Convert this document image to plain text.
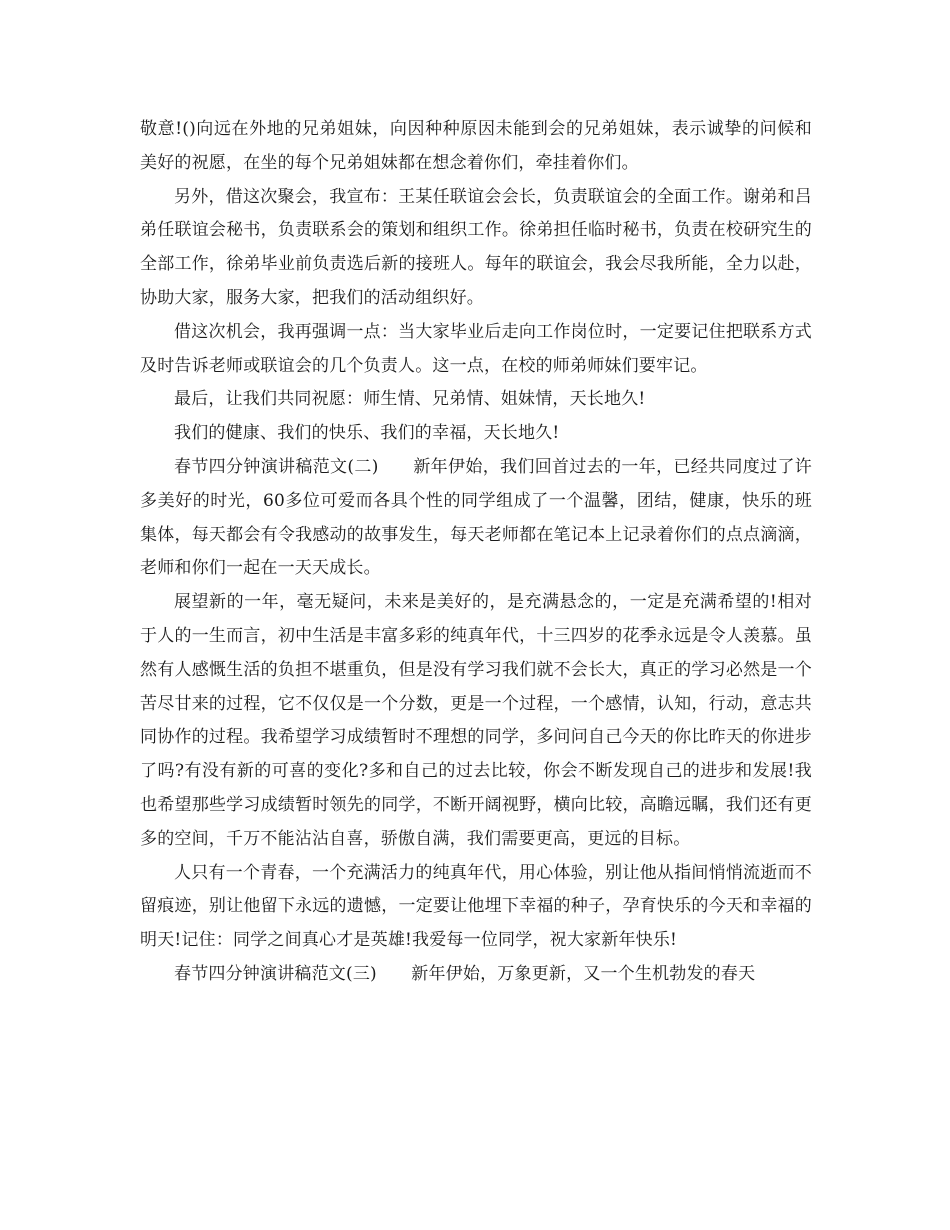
敬意!()向远在外地的兄弟姐妹，向因种种原因未能到会的兄弟姐妹，表示诚挚的问候和美好的祝愿，在坐的每个兄弟姐妹都在想念着你们，牵挂着你们。

另外，借这次聚会，我宣布：王某任联谊会会长，负责联谊会的全面工作。谢弟和吕弟任联谊会秘书，负责联系会的策划和组织工作。徐弟担任临时秘书，负责在校研究生的全部工作，徐弟毕业前负责选后新的接班人。每年的联谊会，我会尽我所能，全力以赴，协助大家，服务大家，把我们的活动组织好。

借这次机会，我再强调一点：当大家毕业后走向工作岗位时，一定要记住把联系方式及时告诉老师或联谊会的几个负责人。这一点，在校的师弟师妹们要牢记。

最后，让我们共同祝愿：师生情、兄弟情、姐妹情，天长地久!

我们的健康、我们的快乐、我们的幸福，天长地久!

春节四分钟演讲稿范文(二)　　新年伊始，我们回首过去的一年，已经共同度过了许多美好的时光，60多位可爱而各具个性的同学组成了一个温馨，团结，健康，快乐的班集体，每天都会有令我感动的故事发生，每天老师都在笔记本上记录着你们的点点滴滴，老师和你们一起在一天天成长。

展望新的一年，毫无疑问，未来是美好的，是充满悬念的，一定是充满希望的!相对于人的一生而言，初中生活是丰富多彩的纯真年代，十三四岁的花季永远是令人羡慕。虽然有人感慨生活的负担不堪重负，但是没有学习我们就不会长大，真正的学习必然是一个苦尽甘来的过程，它不仅仅是一个分数，更是一个过程，一个感情，认知，行动，意志共同协作的过程。我希望学习成绩暂时不理想的同学，多问问自己今天的你比昨天的你进步了吗?有没有新的可喜的变化?多和自己的过去比较，你会不断发现自己的进步和发展!我也希望那些学习成绩暂时领先的同学，不断开阔视野，横向比较，高瞻远瞩，我们还有更多的空间，千万不能沾沾自喜，骄傲自满，我们需要更高，更远的目标。

人只有一个青春，一个充满活力的纯真年代，用心体验，别让他从指间悄悄流逝而不留痕迹，别让他留下永远的遗憾，一定要让他埋下幸福的种子，孕育快乐的今天和幸福的明天!记住：同学之间真心才是英雄!我爱每一位同学，祝大家新年快乐!

春节四分钟演讲稿范文(三)　　新年伊始，万象更新，又一个生机勃发的春天
